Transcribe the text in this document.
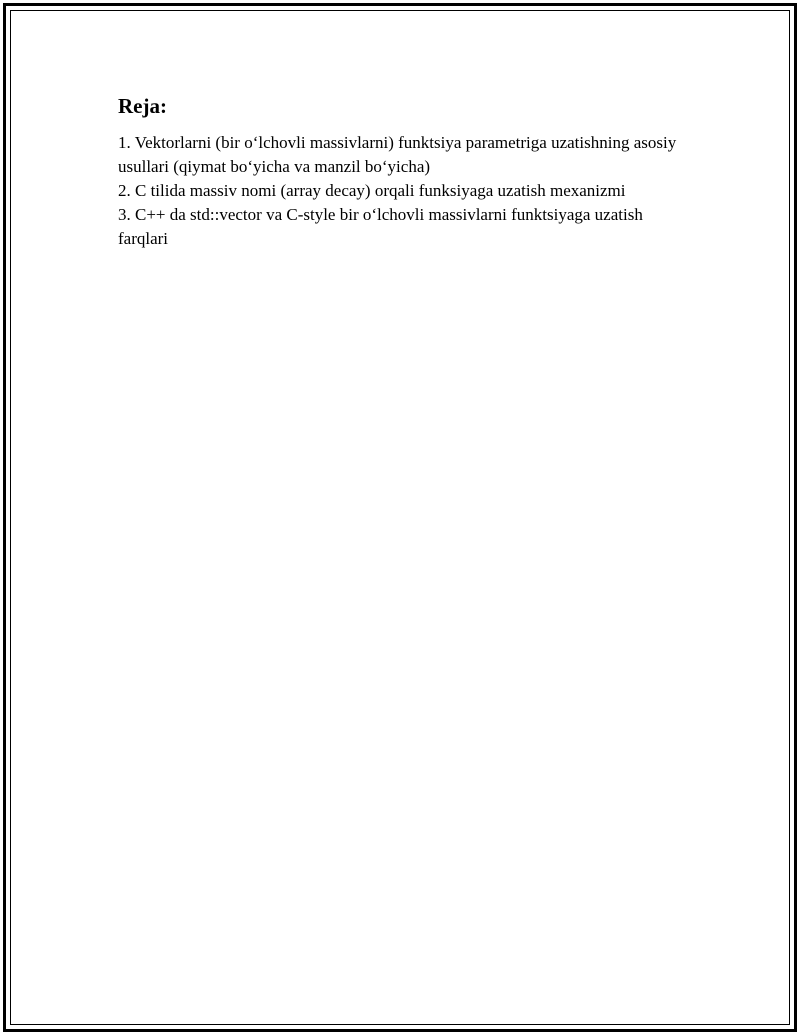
Reja:
1. Vektorlarni (bir o‘lchovli massivlarni) funktsiya parametriga uzatishning asosiy usullari (qiymat bo‘yicha va manzil bo‘yicha)
2. C tilida massiv nomi (array decay) orqali funksiyaga uzatish mexanizmi
3. C++ da std::vector va C-style bir o‘lchovli massivlarni funktsiyaga uzatish farqlari
